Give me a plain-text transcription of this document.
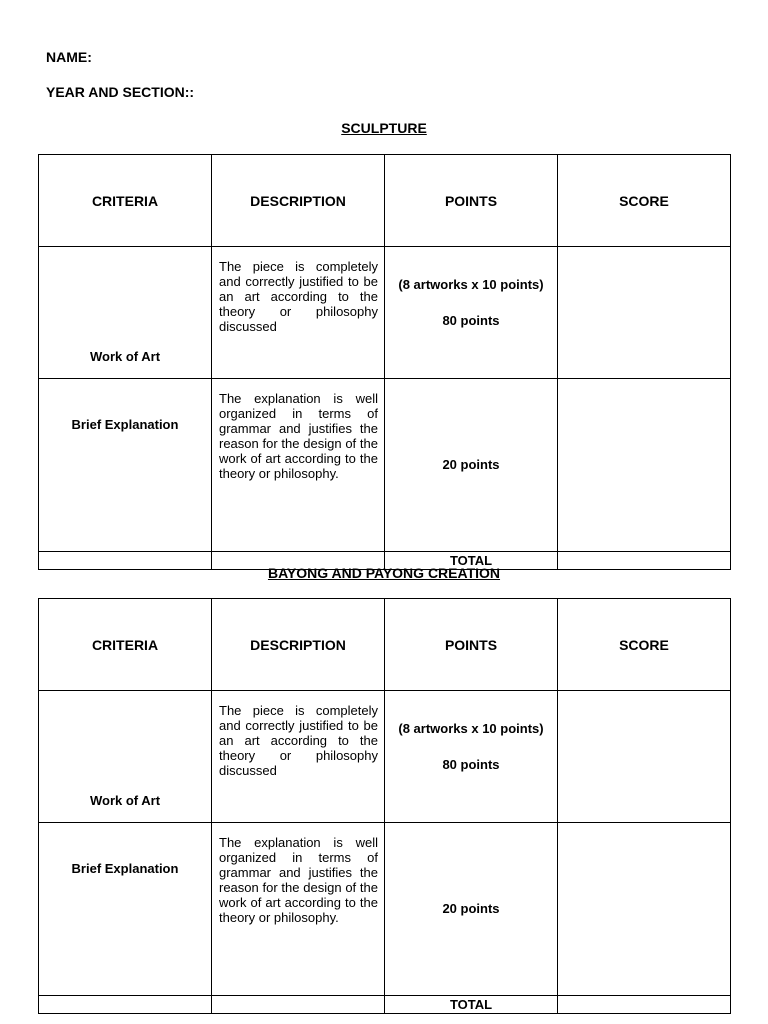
NAME:
YEAR AND SECTION::
SCULPTURE
CRITERIA	DESCRIPTION	POINTS	SCORE
Work of Art	The piece is completely and correctly justified to be an art according to the theory or philosophy discussed	(8 artworks x 10 points)
80 points	

Brief Explanation	The explanation is well organized in terms of grammar and justifies the reason for the design of the work of art according to the theory or philosophy.	20 points	
		TOTAL	
BAYONG AND PAYONG CREATION
CRITERIA	DESCRIPTION	POINTS	SCORE
Work of Art	The piece is completely and correctly justified to be an art according to the theory or philosophy discussed	(8 artworks x 10 points)
80 points	

Brief Explanation	The explanation is well organized in terms of grammar and justifies the reason for the design of the work of art according to the theory or philosophy.	20 points	
		TOTAL	
